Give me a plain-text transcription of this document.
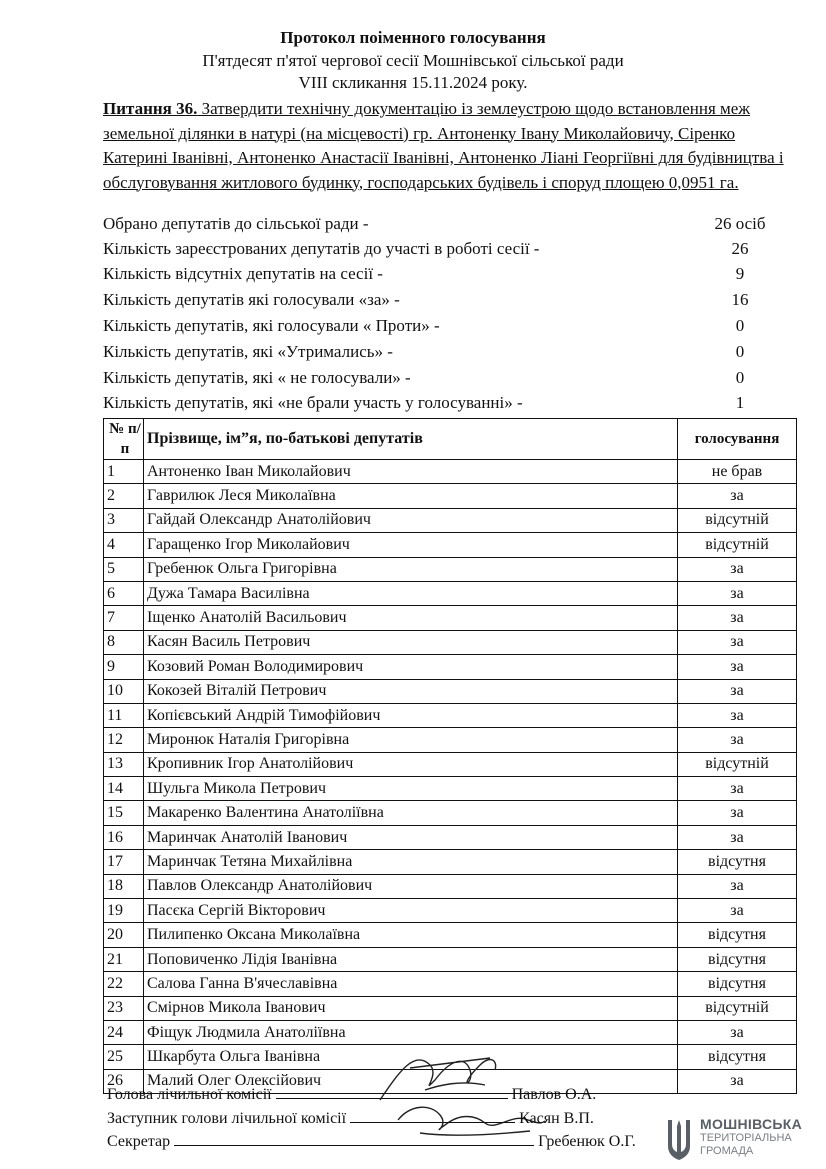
Протокол поіменного голосування
П'ятдесят п'ятої чергової сесії Мошнівської сільської ради
VIII скликання 15.11.2024 року.
Питання 36. Затвердити технічну документацію із землеустрою щодо встановлення меж земельної ділянки в натурі (на місцевості) гр. Антоненку Івану Миколайовичу, Сіренко Катерині Іванівні, Антоненко Анастасії Іванівні, Антоненко Ліані Георгіївні для будівництва і обслуговування житлового будинку, господарських будівель і споруд площею 0,0951 га.
Обрано депутатів до сільської ради -	26 осіб
Кількість зареєстрованих депутатів до участі в роботі сесії -	26
Кількість відсутніх депутатів на сесії -	9
Кількість депутатів які голосували «за» -	16
Кількість депутатів, які голосували « Проти» -	0
Кількість депутатів, які «Утримались» -	0
Кількість депутатів, які « не голосували» -	0
Кількість депутатів, які «не брали участь у голосуванні» -	1
№ п/п	Прізвище, ім”я, по-батькові депутатів	голосування
1	Антоненко Іван Миколайович	не брав
2	Гаврилюк Леся Миколаївна	за
3	Гайдай Олександр Анатолійович	відсутній
4	Гаращенко Ігор Миколайович	відсутній
5	Гребенюк Ольга Григорівна	за
6	Дужа Тамара Василівна	за
7	Іщенко Анатолій Васильович	за
8	Касян Василь Петрович	за
9	Козовий Роман Володимирович	за
10	Кокозей Віталій Петрович	за
11	Копієвський Андрій Тимофійович	за
12	Миронюк Наталія Григорівна	за
13	Кропивник Ігор Анатолійович	відсутній
14	Шульга Микола Петрович	за
15	Макаренко Валентина Анатоліївна	за
16	Маринчак Анатолій Іванович	за
17	Маринчак Тетяна Михайлівна	відсутня
18	Павлов Олександр Анатолійович	за
19	Пасєка Сергій Вікторович	за
20	Пилипенко Оксана Миколаївна	відсутня
21	Поповиченко Лідія Іванівна	відсутня
22	Салова Ганна В'ячеславівна	відсутня
23	Смірнов Микола Іванович	відсутній
24	Фіщук Людмила Анатоліївна	за
25	Шкарбута Ольга Іванівна	відсутня
26	Малий Олег Олексійович	за
Голова лічильної комісії	Павлов О.А.
Заступник голови лічильної комісії	Касян В.П.
Секретар	Гребенюк О.Г.
МОШНІВСЬКА
ТЕРИТОРІАЛЬНА
ГРОМАДА
